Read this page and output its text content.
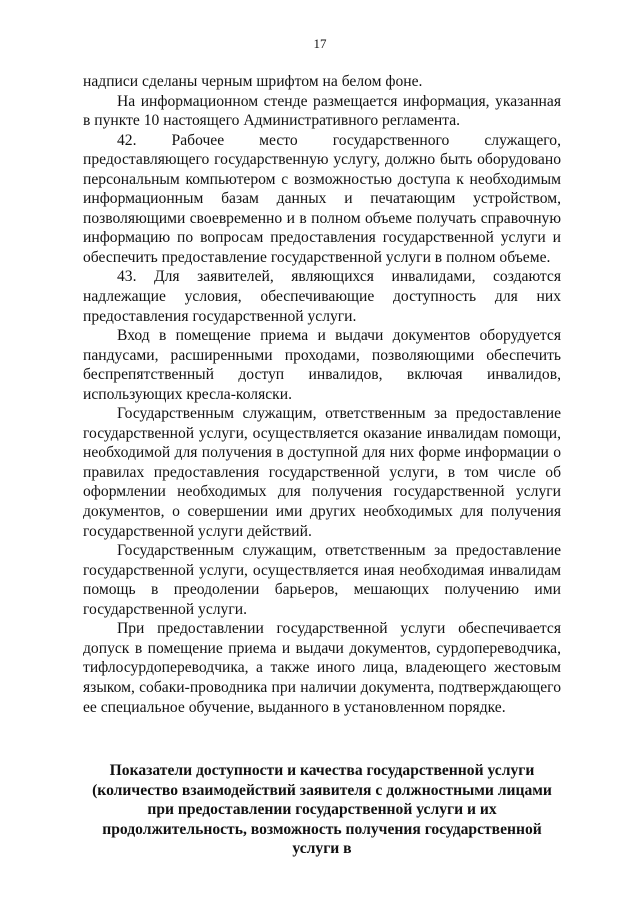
17

надписи сделаны черным шрифтом на белом фоне.

На информационном стенде размещается информация, указанная в пункте 10 настоящего Административного регламента.

42. Рабочее место государственного служащего, предоставляющего государственную услугу, должно быть оборудовано персональным компьютером с возможностью доступа к необходимым информационным базам данных и печатающим устройством, позволяющими своевременно и в полном объеме получать справочную информацию по вопросам предоставления государственной услуги и обеспечить предоставление государственной услуги в полном объеме.

43. Для заявителей, являющихся инвалидами, создаются надлежащие условия, обеспечивающие доступность для них предоставления государственной услуги.

Вход в помещение приема и выдачи документов оборудуется пандусами, расширенными проходами, позволяющими обеспечить беспрепятственный доступ инвалидов, включая инвалидов, использующих кресла-коляски.

Государственным служащим, ответственным за предоставление государственной услуги, осуществляется оказание инвалидам помощи, необходимой для получения в доступной для них форме информации о правилах предоставления государственной услуги, в том числе об оформлении необходимых для получения государственной услуги документов, о совершении ими других необходимых для получения государственной услуги действий.

Государственным служащим, ответственным за предоставление государственной услуги, осуществляется иная необходимая инвалидам помощь в преодолении барьеров, мешающих получению ими государственной услуги.

При предоставлении государственной услуги обеспечивается допуск в помещение приема и выдачи документов, сурдопереводчика, тифлосурдопереводчика, а также иного лица, владеющего жестовым языком, собаки-проводника при наличии документа, подтверждающего ее специальное обучение, выданного в установленном порядке.

Показатели доступности и качества государственной услуги (количество взаимодействий заявителя с должностными лицами при предоставлении государственной услуги и их продолжительность, возможность получения государственной услуги в
